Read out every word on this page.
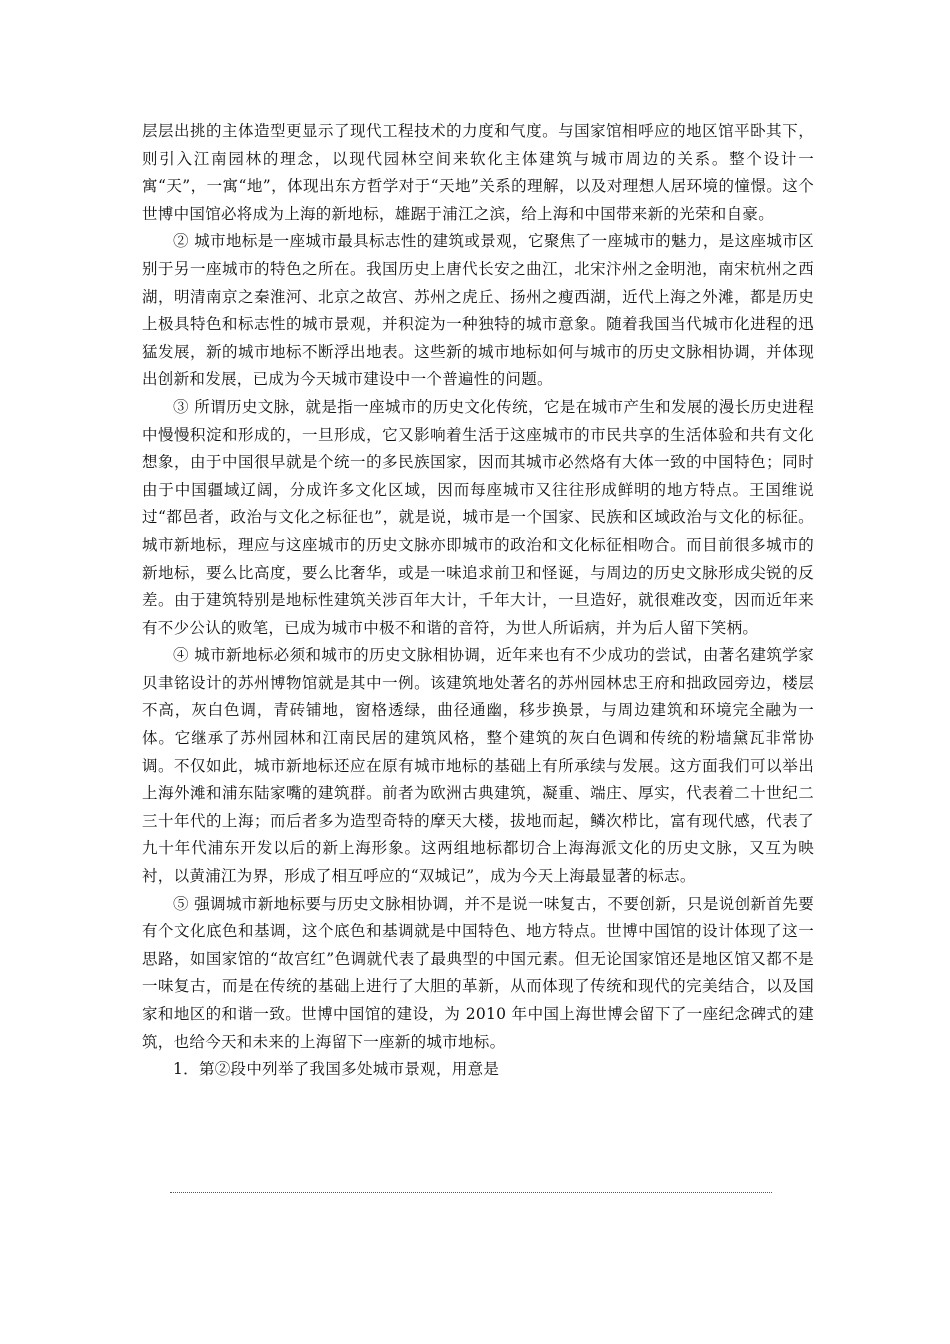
层层出挑的主体造型更显示了现代工程技术的力度和气度。与国家馆相呼应的地区馆平卧其下，则引入江南园林的理念，以现代园林空间来软化主体建筑与城市周边的关系。整个设计一寓“天”，一寓“地”，体现出东方哲学对于“天地”关系的理解，以及对理想人居环境的憧憬。这个世博中国馆必将成为上海的新地标，雄踞于浦江之滨，给上海和中国带来新的光荣和自豪。

② 城市地标是一座城市最具标志性的建筑或景观，它聚焦了一座城市的魅力，是这座城市区别于另一座城市的特色之所在。我国历史上唐代长安之曲江，北宋汴州之金明池，南宋杭州之西湖，明清南京之秦淮河、北京之故宫、苏州之虎丘、扬州之瘦西湖，近代上海之外滩，都是历史上极具特色和标志性的城市景观，并积淀为一种独特的城市意象。随着我国当代城市化进程的迅猛发展，新的城市地标不断浮出地表。这些新的城市地标如何与城市的历史文脉相协调，并体现出创新和发展，已成为今天城市建设中一个普遍性的问题。

③ 所谓历史文脉，就是指一座城市的历史文化传统，它是在城市产生和发展的漫长历史进程中慢慢积淀和形成的，一旦形成，它又影响着生活于这座城市的市民共享的生活体验和共有文化想象，由于中国很早就是个统一的多民族国家，因而其城市必然烙有大体一致的中国特色；同时由于中国疆域辽阔，分成许多文化区域，因而每座城市又往往形成鲜明的地方特点。王国维说过“都邑者，政治与文化之标征也”，就是说，城市是一个国家、民族和区域政治与文化的标征。城市新地标，理应与这座城市的历史文脉亦即城市的政治和文化标征相吻合。而目前很多城市的新地标，要么比高度，要么比奢华，或是一味追求前卫和怪诞，与周边的历史文脉形成尖锐的反差。由于建筑特别是地标性建筑关涉百年大计，千年大计，一旦造好，就很难改变，因而近年来有不少公认的败笔，已成为城市中极不和谐的音符，为世人所诟病，并为后人留下笑柄。

④ 城市新地标必须和城市的历史文脉相协调，近年来也有不少成功的尝试，由著名建筑学家贝聿铭设计的苏州博物馆就是其中一例。该建筑地处著名的苏州园林忠王府和拙政园旁边，楼层不高，灰白色调，青砖铺地，窗格透绿，曲径通幽，移步换景，与周边建筑和环境完全融为一体。它继承了苏州园林和江南民居的建筑风格，整个建筑的灰白色调和传统的粉墙黛瓦非常协调。不仅如此，城市新地标还应在原有城市地标的基础上有所承续与发展。这方面我们可以举出上海外滩和浦东陆家嘴的建筑群。前者为欧洲古典建筑，凝重、端庄、厚实，代表着二十世纪二三十年代的上海；而后者多为造型奇特的摩天大楼，拔地而起，鳞次栉比，富有现代感，代表了九十年代浦东开发以后的新上海形象。这两组地标都切合上海海派文化的历史文脉，又互为映衬，以黄浦江为界，形成了相互呼应的“双城记”，成为今天上海最显著的标志。

⑤ 强调城市新地标要与历史文脉相协调，并不是说一味复古，不要创新，只是说创新首先要有个文化底色和基调，这个底色和基调就是中国特色、地方特点。世博中国馆的设计体现了这一思路，如国家馆的“故宫红”色调就代表了最典型的中国元素。但无论国家馆还是地区馆又都不是一味复古，而是在传统的基础上进行了大胆的革新，从而体现了传统和现代的完美结合，以及国家和地区的和谐一致。世博中国馆的建设，为 2010 年中国上海世博会留下了一座纪念碑式的建筑，也给今天和未来的上海留下一座新的城市地标。

1．第②段中列举了我国多处城市景观，用意是
